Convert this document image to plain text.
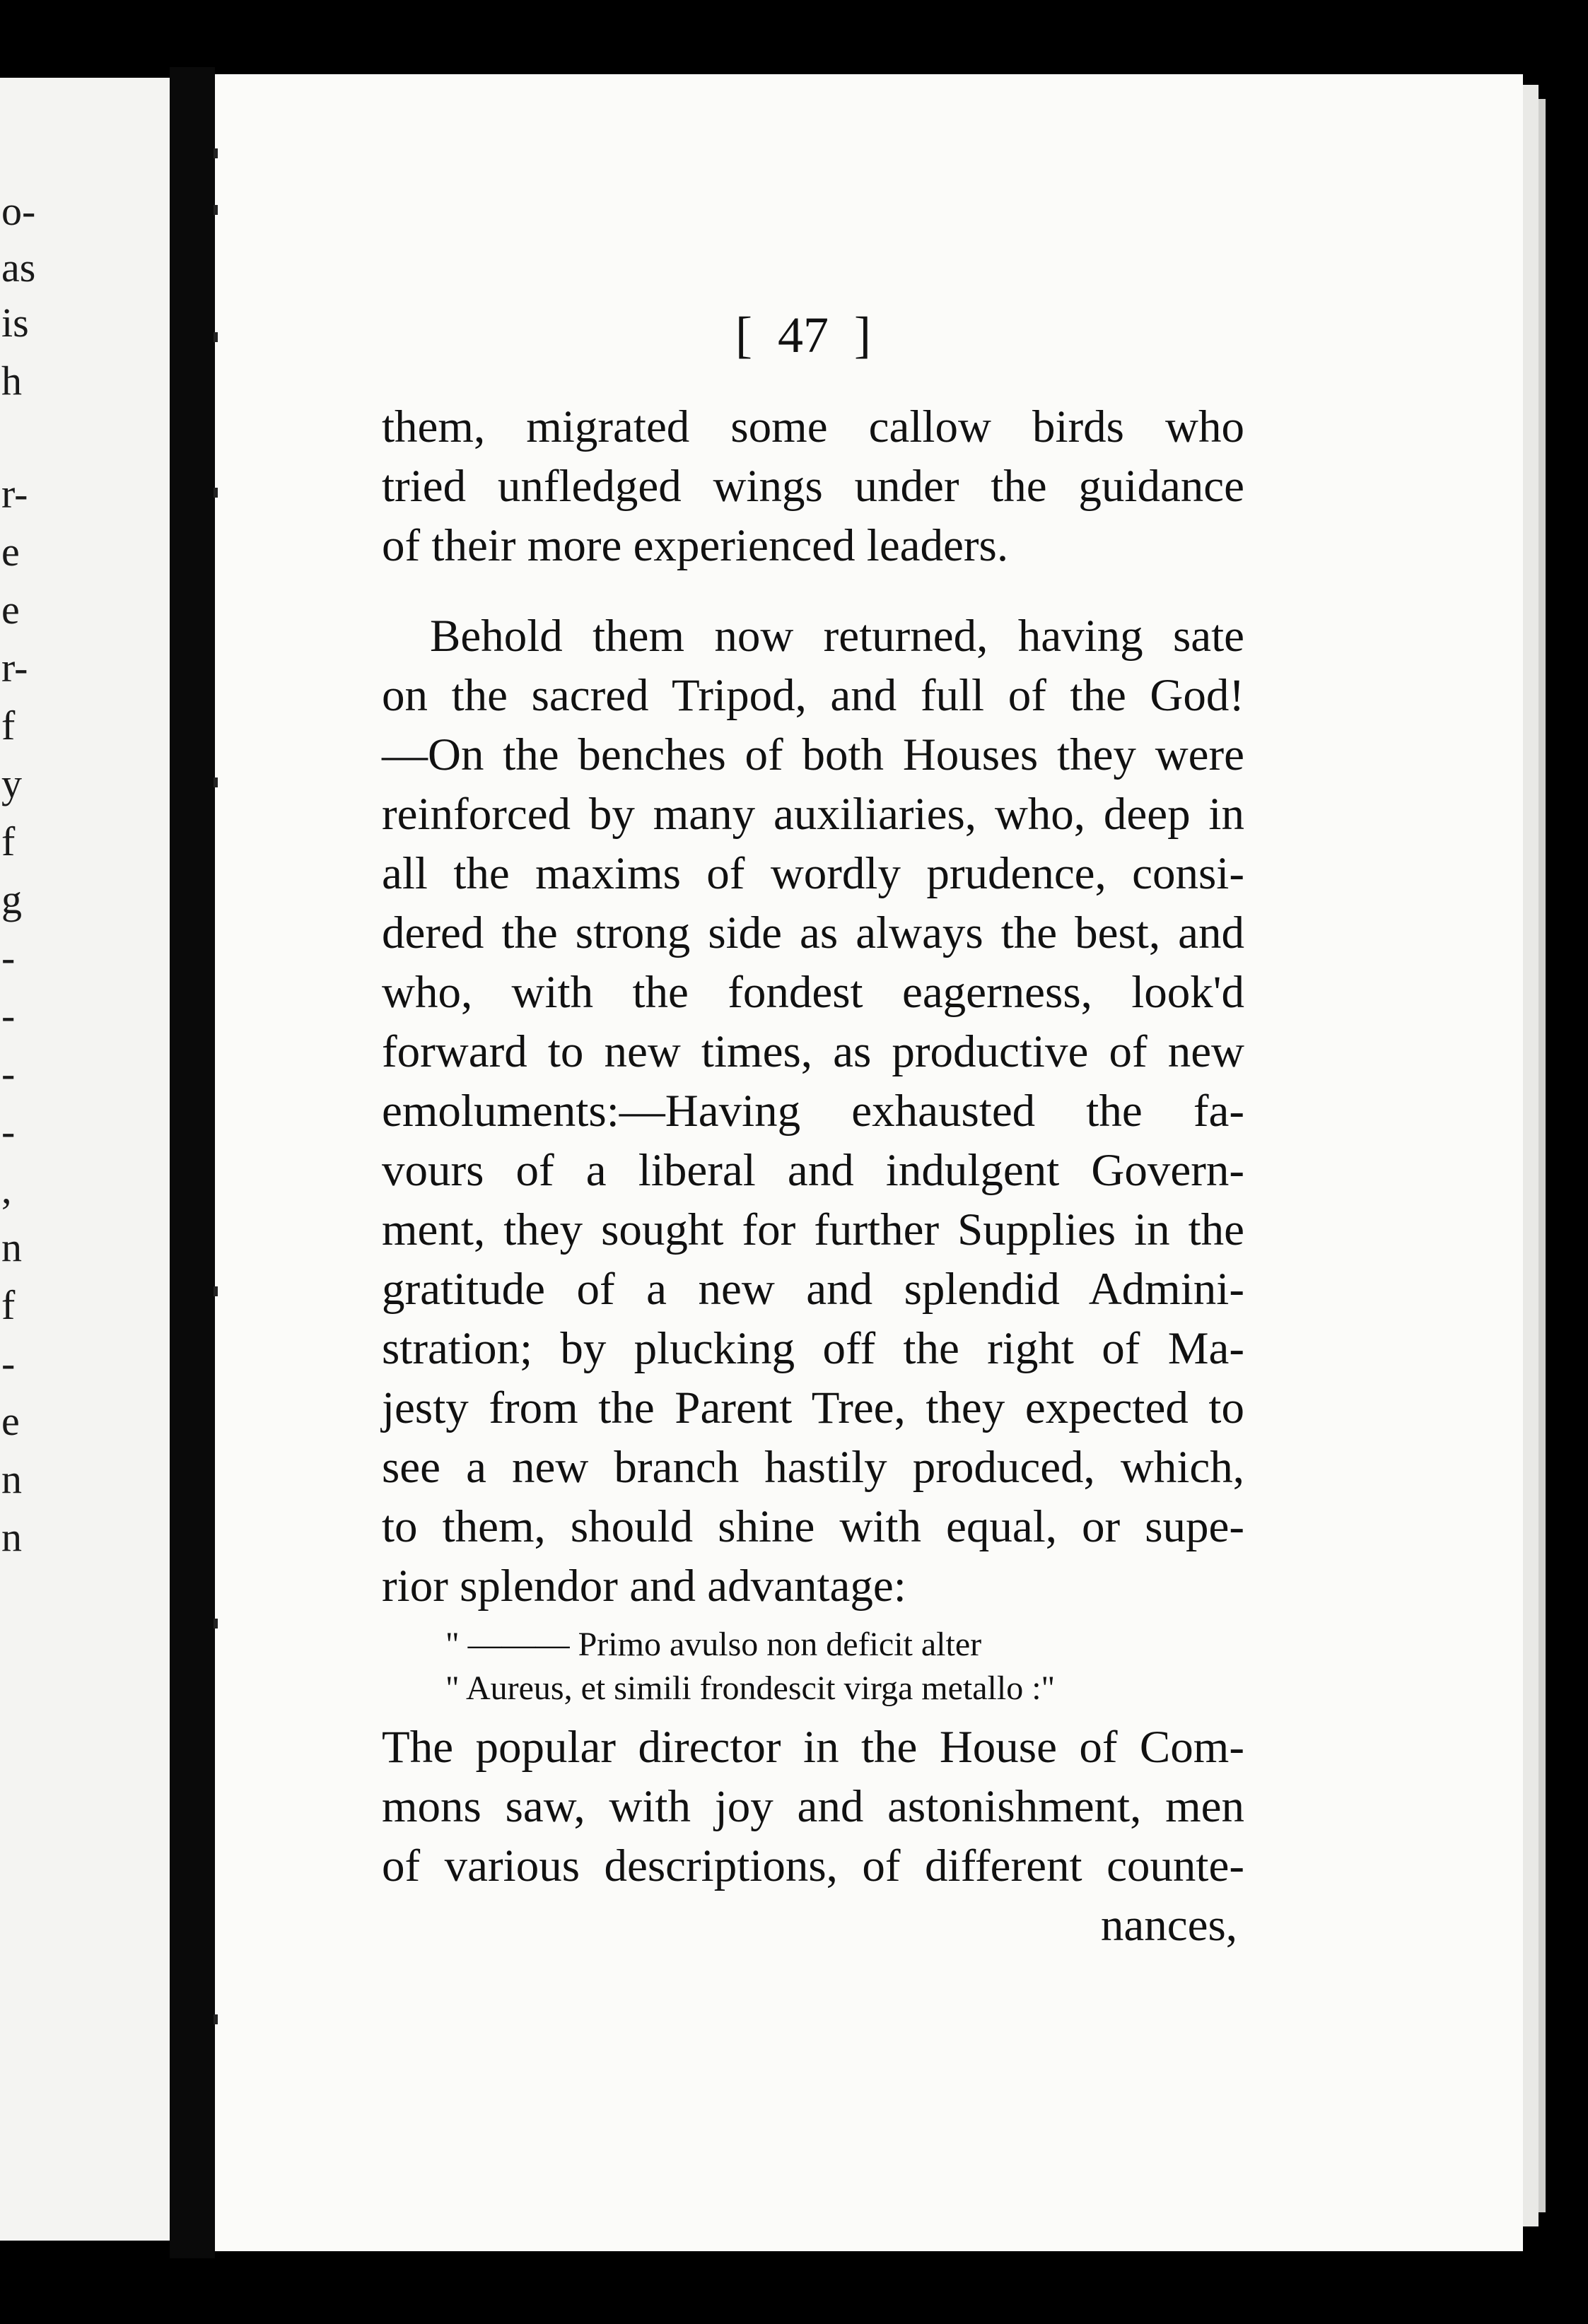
o-
as
is
h
r-
e
e
r-
f
y
f
g
-
-
-
-
,
n
f
-
e
n
n
[  47  ]
them, migrated some callow birds who
tried unfledged wings under the guidance
of their more experienced leaders.
Behold them now returned, having sate
on the sacred Tripod, and full of the God!
—On the benches of both Houses they were
reinforced by many auxiliaries, who, deep in
all the maxims of wordly prudence, consi-
dered the strong side as always the best, and
who, with the fondest eagerness, look'd
forward to new times, as productive of new
emoluments:—Having exhausted the fa-
vours of a liberal and indulgent Govern-
ment, they sought for further Supplies in the
gratitude of a new and splendid Admini-
stration; by plucking off the right of Ma-
jesty from the Parent Tree, they expected to
see a new branch hastily produced, which,
to them, should shine with equal, or supe-
rior splendor and advantage:
" ——— Primo avulso non deficit alter
" Aureus, et simili frondescit virga metallo :"
The popular director in the House of Com-
mons saw, with joy and astonishment, men
of various descriptions, of different counte-
nances,
